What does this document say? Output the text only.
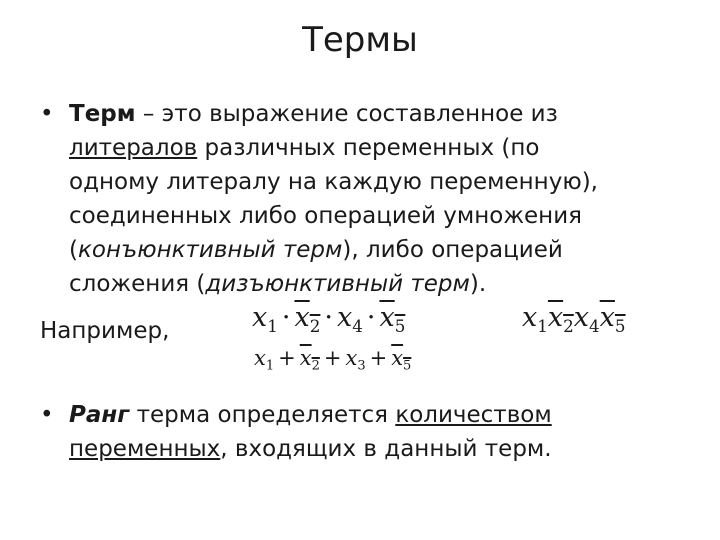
Термы
• Терм – это выражение составленное из
литералов различных переменных (по
одному литералу на каждую переменную),
соединенных либо операцией умножения
(конъюнктивный терм), либо операцией
сложения (дизъюнктивный терм).
Например,	$x_1 \cdot x_2 \cdot x_4 \cdot x_5$	$x_1x_2x_4x_5$
$x_1 + x_2 + x_3 + x_5$
• Ранг терма определяется количеством
переменных, входящих в данный терм.
